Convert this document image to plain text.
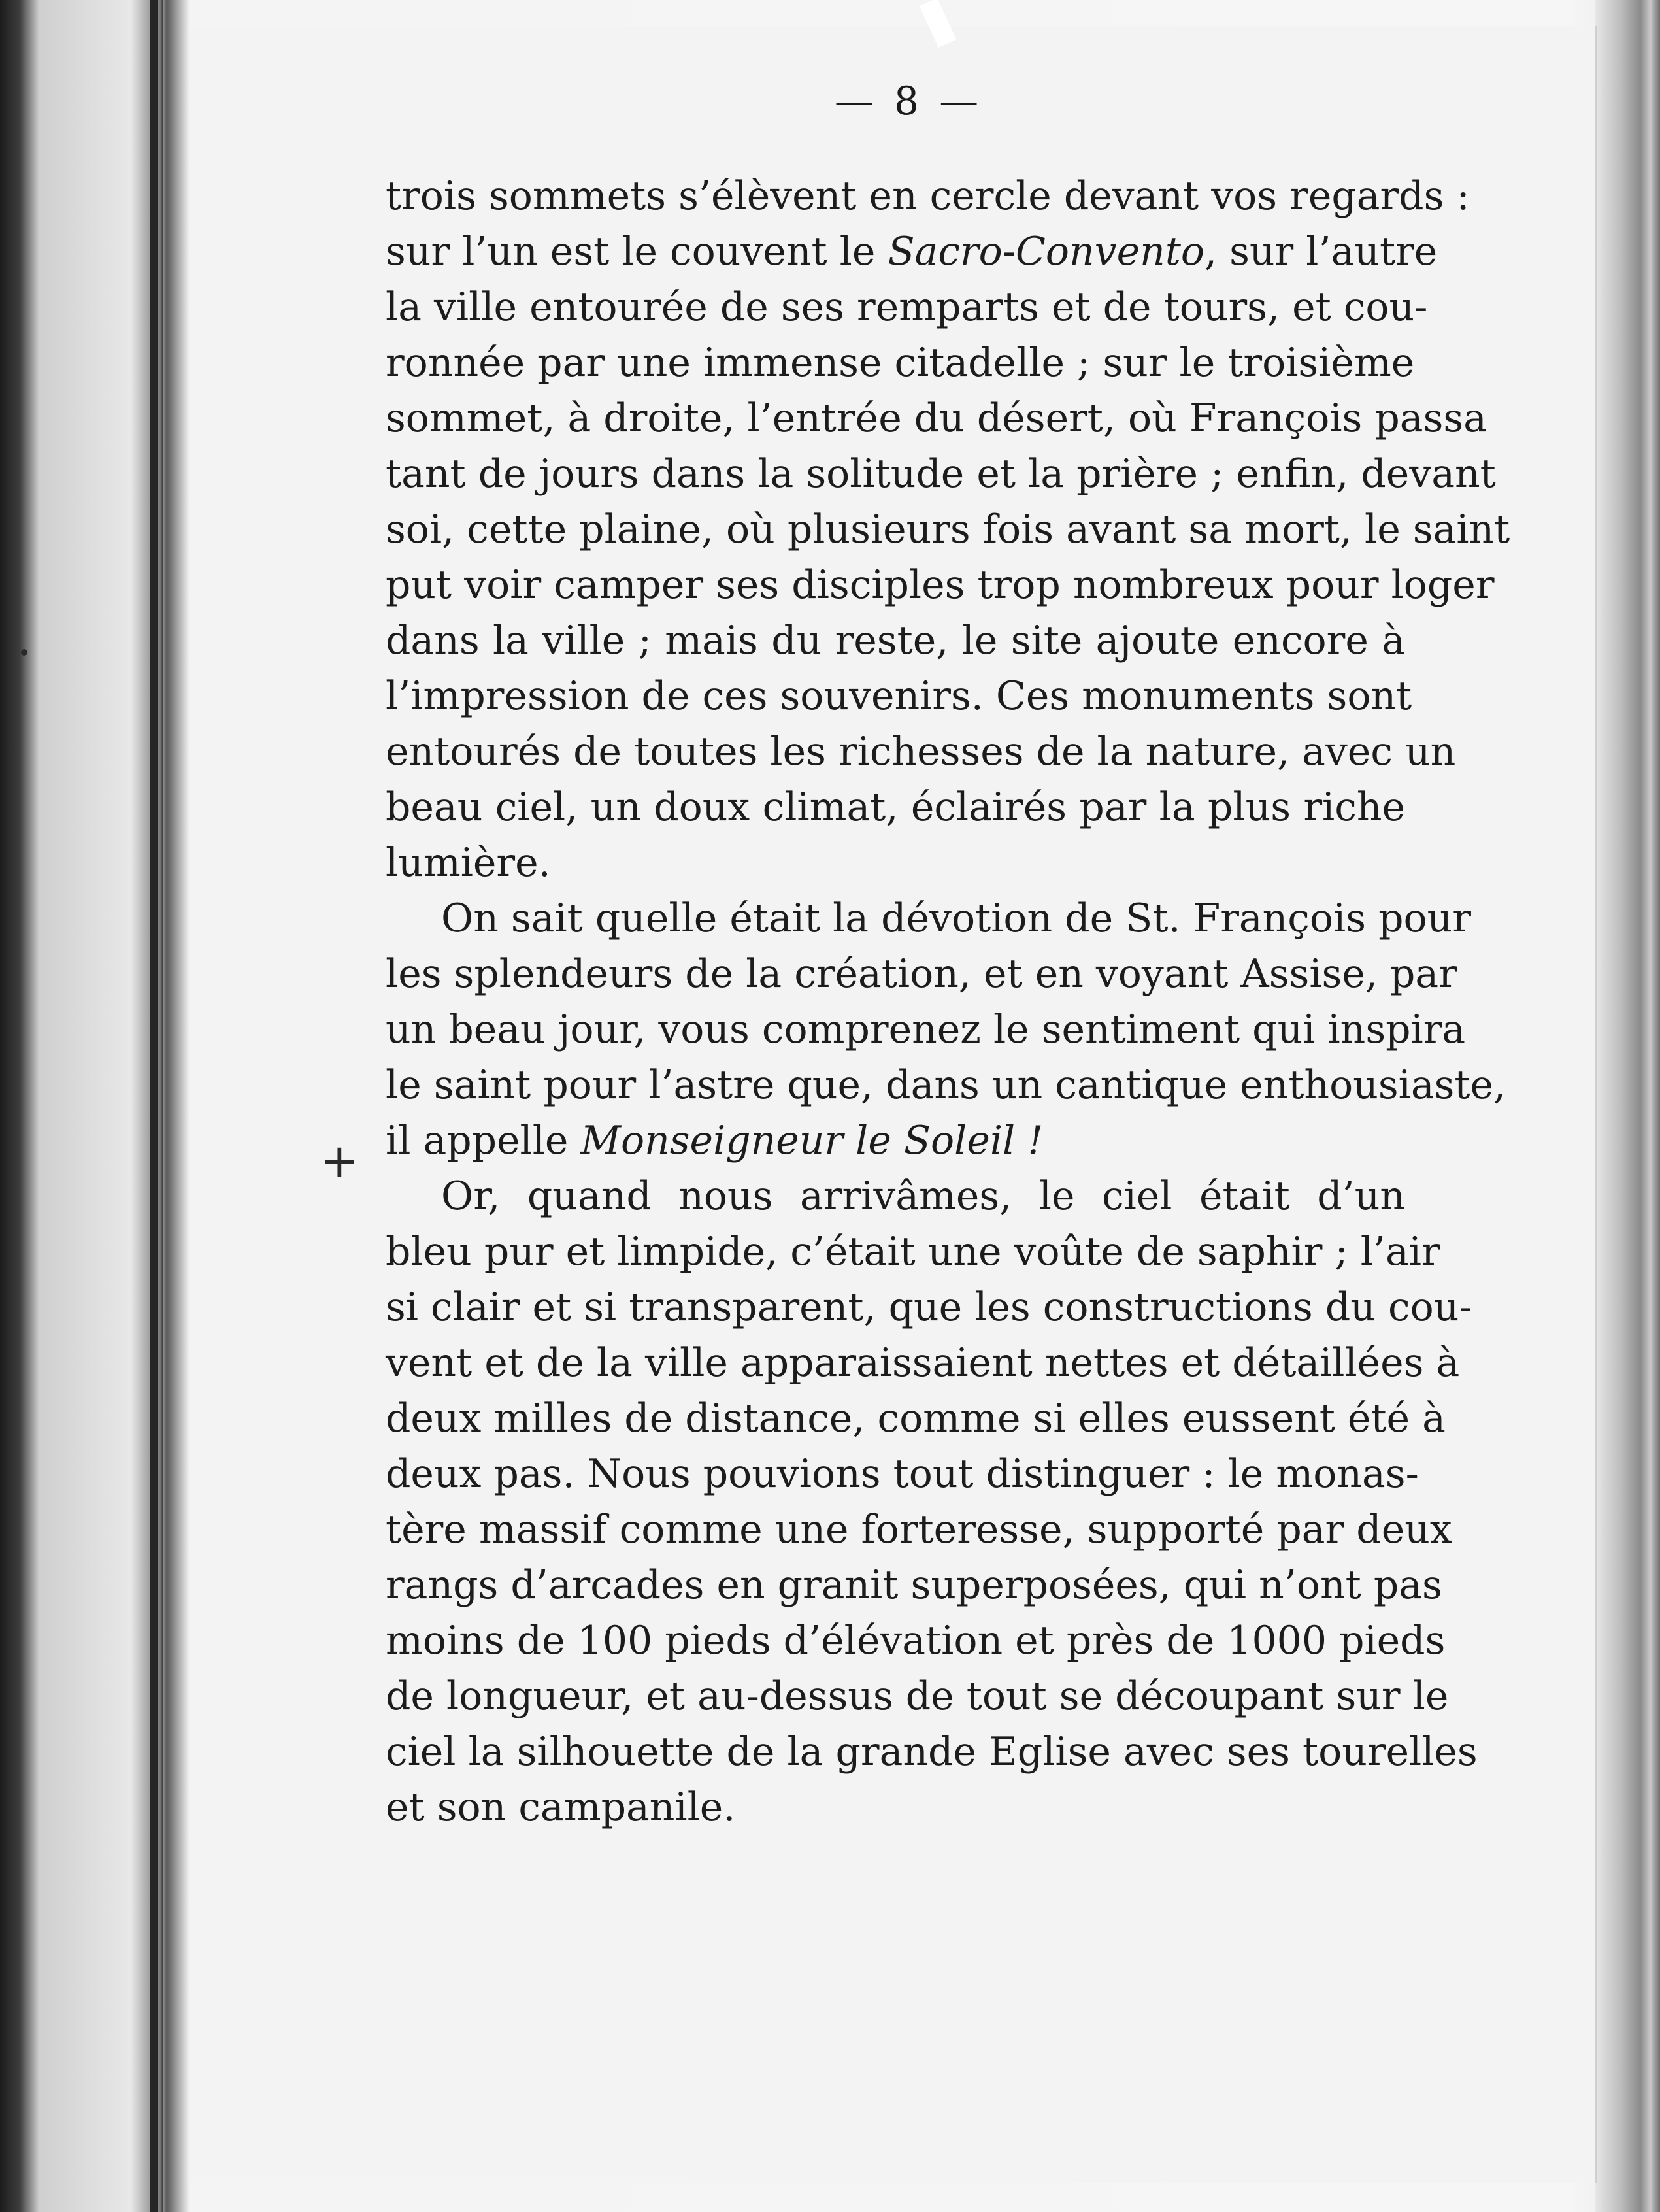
— 8 —
+
trois sommets s’élèvent en cercle devant vos regards :
sur l’un est le couvent le Sacro-Convento, sur l’autre
la ville entourée de ses remparts et de tours, et cou-
ronnée par une immense citadelle ; sur le troisième
sommet, à droite, l’entrée du désert, où François passa
tant de jours dans la solitude et la prière ; enfin, devant
soi, cette plaine, où plusieurs fois avant sa mort, le saint
put voir camper ses disciples trop nombreux pour loger
dans la ville ; mais du reste, le site ajoute encore à
l’impression de ces souvenirs. Ces monuments sont
entourés de toutes les richesses de la nature, avec un
beau ciel, un doux climat, éclairés par la plus riche
lumière.
On sait quelle était la dévotion de St. François pour
les splendeurs de la création, et en voyant Assise, par
un beau jour, vous comprenez le sentiment qui inspira
le saint pour l’astre que, dans un cantique enthousiaste,
il appelle Monseigneur le Soleil !
Or, quand nous arrivâmes, le ciel était d’un
bleu pur et limpide, c’était une voûte de saphir ; l’air
si clair et si transparent, que les constructions du cou-
vent et de la ville apparaissaient nettes et détaillées à
deux milles de distance, comme si elles eussent été à
deux pas. Nous pouvions tout distinguer : le monas-
tère massif comme une forteresse, supporté par deux
rangs d’arcades en granit superposées, qui n’ont pas
moins de 100 pieds d’élévation et près de 1000 pieds
de longueur, et au-dessus de tout se découpant sur le
ciel la silhouette de la grande Eglise avec ses tourelles
et son campanile.
